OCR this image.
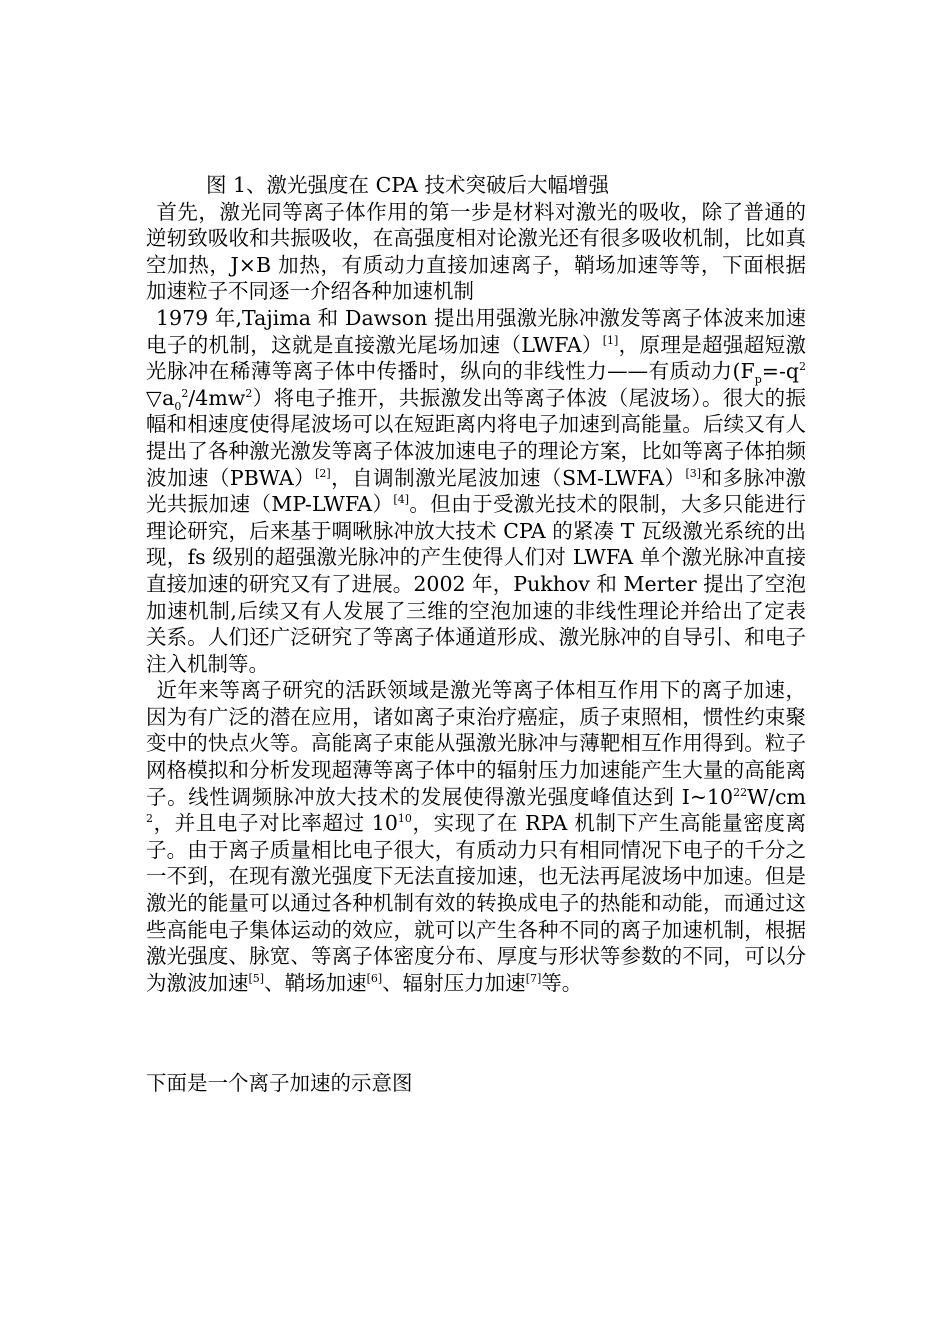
图 1、激光强度在 CPA 技术突破后大幅增强

首先，激光同等离子体作用的第一步是材料对激光的吸收，除了普通的逆轫致吸收和共振吸收，在高强度相对论激光还有很多吸收机制，比如真空加热，J×B 加热，有质动力直接加速离子，鞘场加速等等，下面根据加速粒子不同逐一介绍各种加速机制

1979 年,Tajima 和 Dawson 提出用强激光脉冲激发等离子体波来加速电子的机制，这就是直接激光尾场加速（LWFA）[1]，原理是超强超短激光脉冲在稀薄等离子体中传播时，纵向的非线性力——有质动力$(F_p=-q^2▽a_0^2/4mw^2)$将电子推开，共振激发出等离子体波（尾波场）。很大的振幅和相速度使得尾波场可以在短距离内将电子加速到高能量。后续又有人提出了各种激光激发等离子体波加速电子的理论方案，比如等离子体拍频波加速（PBWA）[2]，自调制激光尾波加速（SM-LWFA）[3]和多脉冲激光共振加速（MP-LWFA）[4]。但由于受激光技术的限制，大多只能进行理论研究，后来基于啁啾脉冲放大技术 CPA 的紧凑 T 瓦级激光系统的出现，fs 级别的超强激光脉冲的产生使得人们对 LWFA 单个激光脉冲直接直接加速的研究又有了进展。2002 年，Pukhov 和 Merter 提出了空泡加速机制,后续又有人发展了三维的空泡加速的非线性理论并给出了定表关系。人们还广泛研究了等离子体通道形成、激光脉冲的自导引、和电子注入机制等。

近年来等离子研究的活跃领域是激光等离子体相互作用下的离子加速，因为有广泛的潜在应用，诸如离子束治疗癌症，质子束照相，惯性约束聚变中的快点火等。高能离子束能从强激光脉冲与薄靶相互作用得到。粒子网格模拟和分析发现超薄等离子体中的辐射压力加速能产生大量的高能离子。线性调频脉冲放大技术的发展使得激光强度峰值达到 $I\sim 10^{22}W/cm^2$，并且电子对比率超过 $10^{10}$，实现了在 RPA 机制下产生高能量密度离子。由于离子质量相比电子很大，有质动力只有相同情况下电子的千分之一不到，在现有激光强度下无法直接加速，也无法再尾波场中加速。但是激光的能量可以通过各种机制有效的转换成电子的热能和动能，而通过这些高能电子集体运动的效应，就可以产生各种不同的离子加速机制，根据激光强度、脉宽、等离子体密度分布、厚度与形状等参数的不同，可以分为激波加速[5]、鞘场加速[6]、辐射压力加速[7]等。

下面是一个离子加速的示意图
